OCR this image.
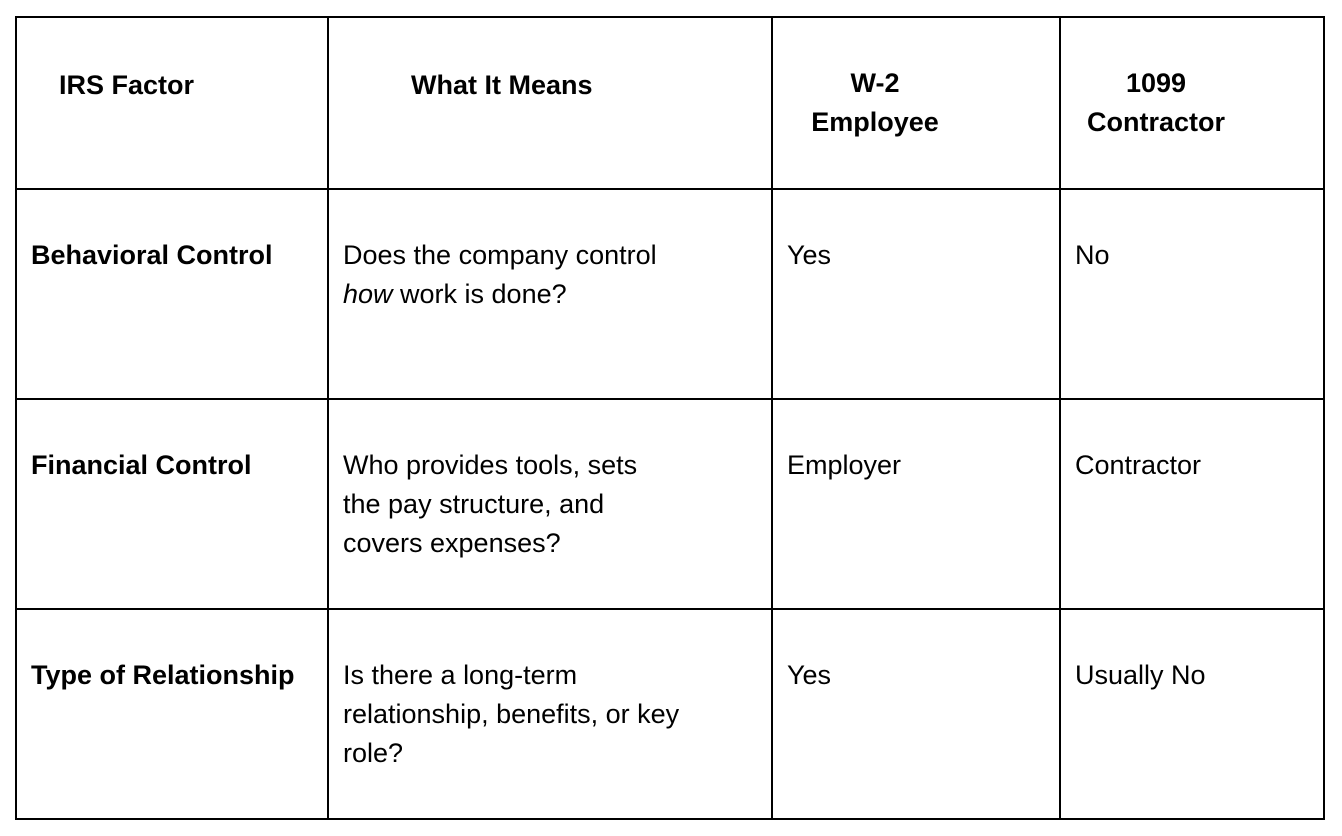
IRS Factor	What It Means	W-2 Employee	1099 Contractor

Behavioral Control	Does the company control how work is done?	Yes	No

Financial Control	Who provides tools, sets the pay structure, and covers expenses?	Employer	Contractor

Type of Relationship	Is there a long-term relationship, benefits, or key role?	Yes	Usually No
